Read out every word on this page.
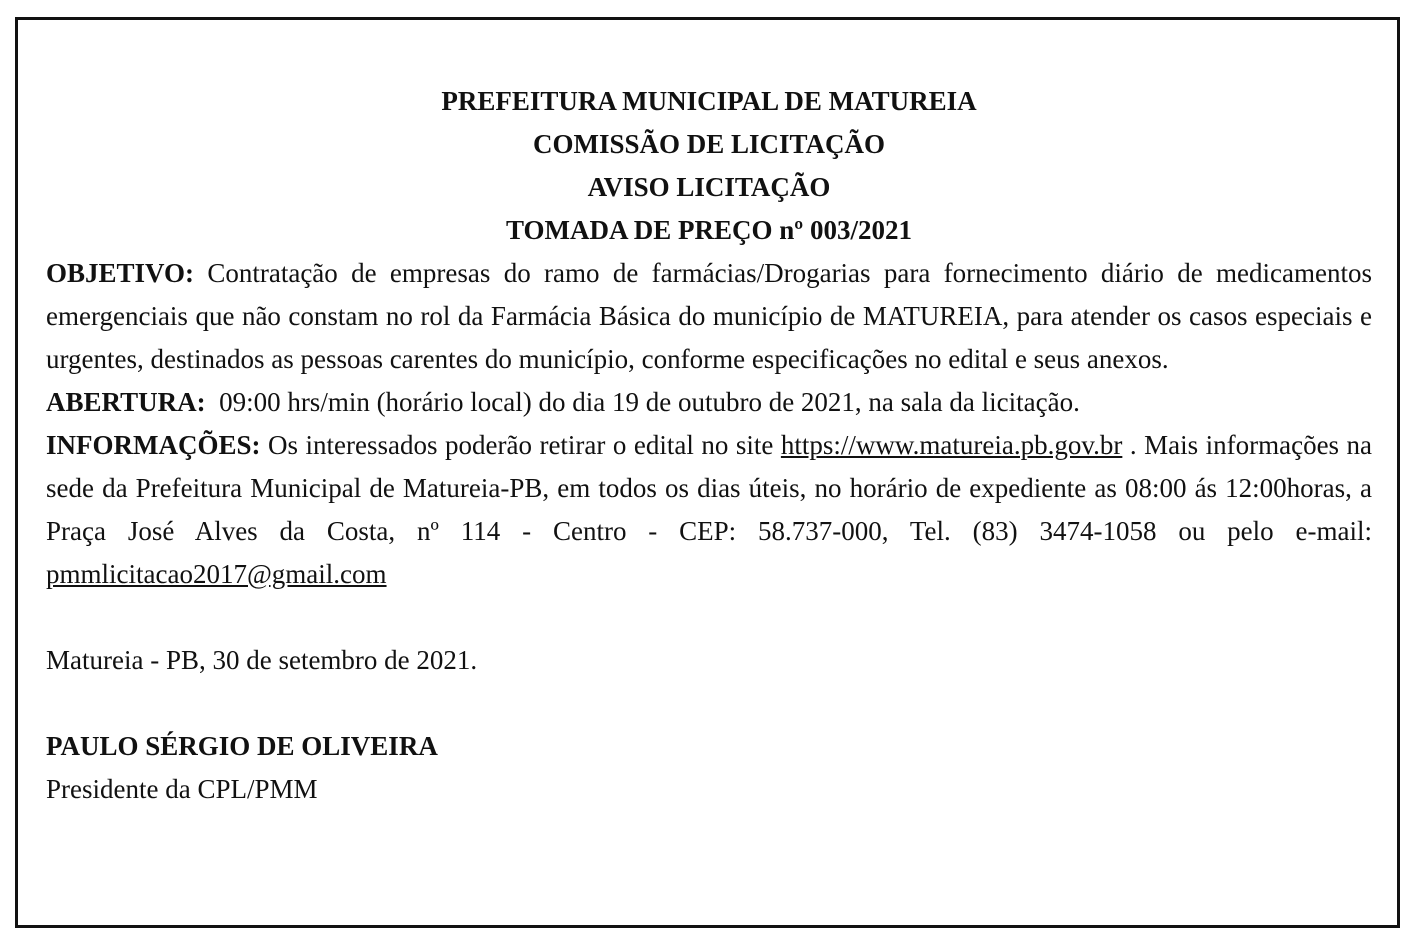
PREFEITURA MUNICIPAL DE MATUREIA

COMISSÃO DE LICITAÇÃO

AVISO LICITAÇÃO

TOMADA DE PREÇO nº 003/2021

OBJETIVO: Contratação de empresas do ramo de farmácias/Drogarias para fornecimento diário de medicamentos emergenciais que não constam no rol da Farmácia Básica do município de MATUREIA, para atender os casos especiais e urgentes, destinados as pessoas carentes do município, conforme especificações no edital e seus anexos.

ABERTURA: 09:00 hrs/min (horário local) do dia 19 de outubro de 2021, na sala da licitação.

INFORMAÇÕES: Os interessados poderão retirar o edital no site https://www.matureia.pb.gov.br . Mais informações na sede da Prefeitura Municipal de Matureia-PB, em todos os dias úteis, no horário de expediente as 08:00 ás 12:00horas, a Praça José Alves da Costa, nº 114 - Centro - CEP: 58.737-000, Tel. (83) 3474-1058 ou pelo e-mail: pmmlicitacao2017@gmail.com

Matureia - PB, 30 de setembro de 2021.

PAULO SÉRGIO DE OLIVEIRA

Presidente da CPL/PMM
